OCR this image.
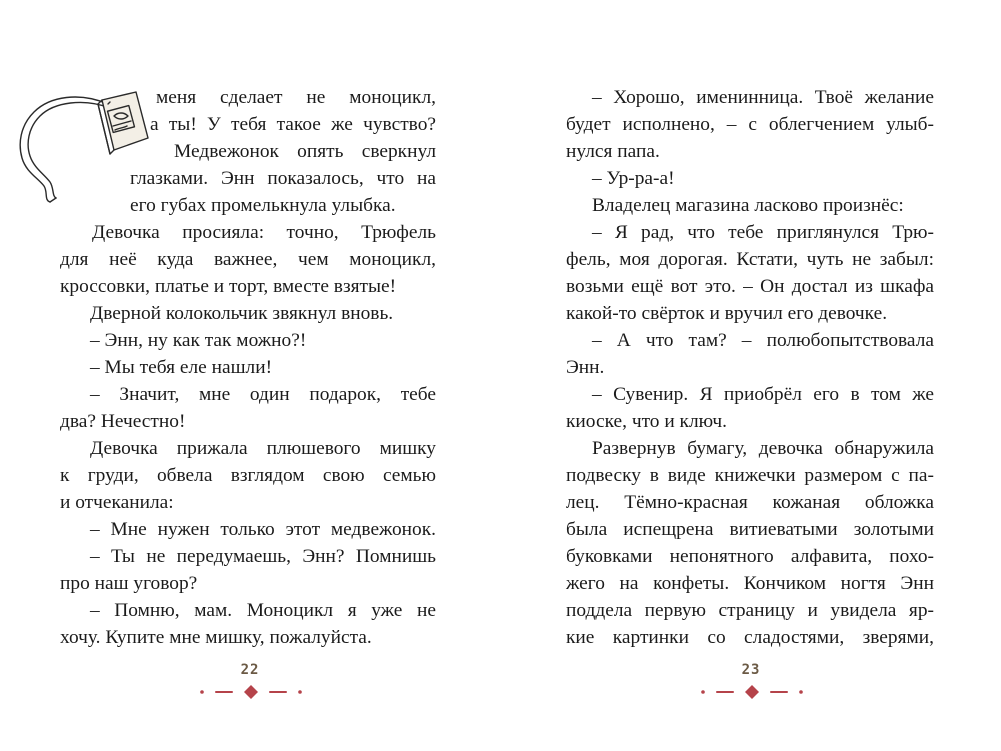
меня сделает не моноцикл,
а ты! У тебя такое же чувство?
Медвежонок опять сверкнул
глазками. Энн показалось, что на
его губах промелькнула улыбка.
Девочка просияла: точно, Трюфель
для неё куда важнее, чем моноцикл,
кроссовки, платье и торт, вместе взятые!
Дверной колокольчик звякнул вновь.
– Энн, ну как так можно?!
– Мы тебя еле нашли!
– Значит, мне один подарок, тебе
два? Нечестно!
Девочка прижала плюшевого мишку
к груди, обвела взглядом свою семью
и отчеканила:
– Мне нужен только этот медвежонок.
– Ты не передумаешь, Энн? Помнишь
про наш уговор?
– Помню, мам. Моноцикл я уже не
хочу. Купите мне мишку, пожалуйста.
22
– Хорошо, именинница. Твоё желание
будет исполнено, – с облегчением улыб-
нулся папа.
– Ур-ра-а!
Владелец магазина ласково произнёс:
– Я рад, что тебе приглянулся Трю-
фель, моя дорогая. Кстати, чуть не забыл:
возьми ещё вот это. – Он достал из шкафа
какой-то свёрток и вручил его девочке.
– А что там? – полюбопытствовала
Энн.
– Сувенир. Я приобрёл его в том же
киоске, что и ключ.
Развернув бумагу, девочка обнаружила
подвеску в виде книжечки размером с па-
лец. Тёмно-красная кожаная обложка
была испещрена витиеватыми золотыми
буковками непонятного алфавита, похо-
жего на конфеты. Кончиком ногтя Энн
поддела первую страницу и увидела яр-
кие картинки со сладостями, зверями,
23
